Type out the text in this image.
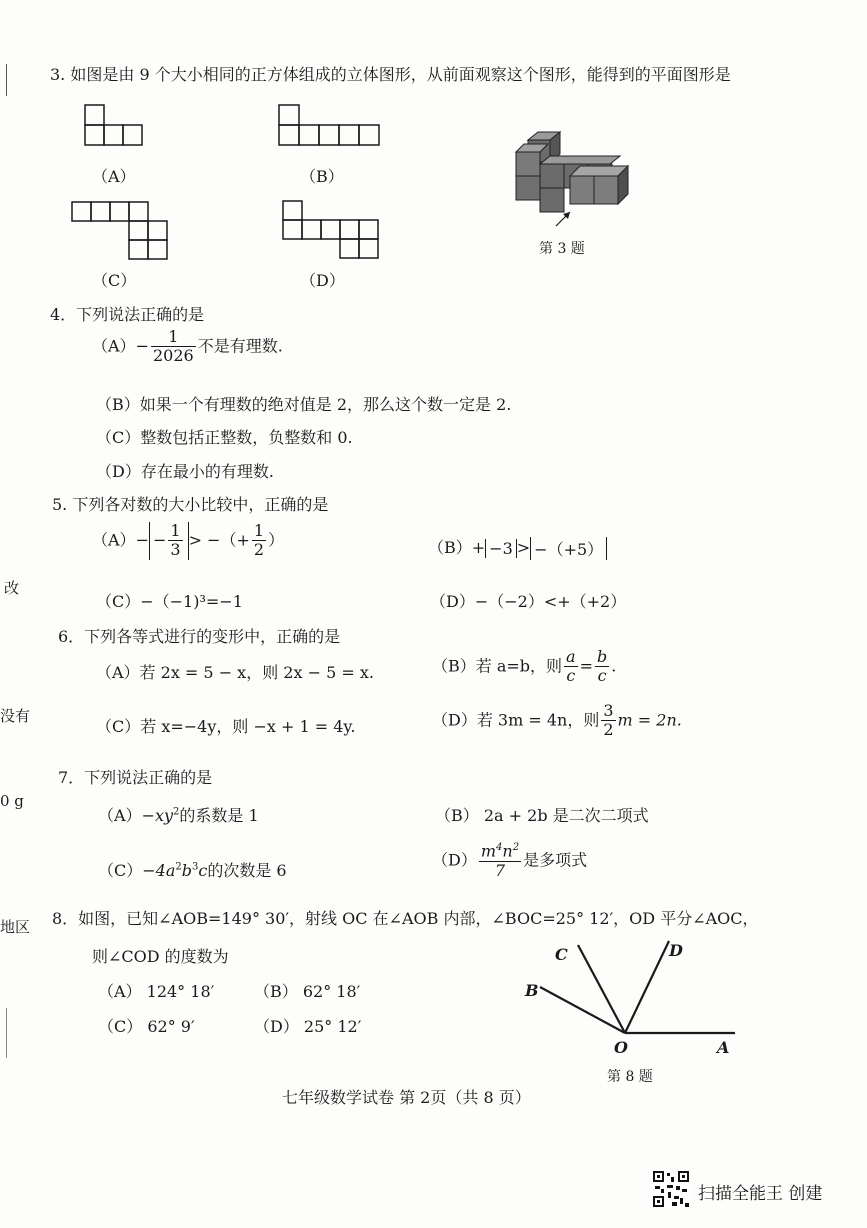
改
没有
0 g
地区
3. 如图是由 9 个大小相同的正方体组成的立体图形，从前面观察这个图形，能得到的平面图形是
（A）	（B）
（C）	（D）
第 3 题
4．下列说法正确的是
$(A)- \frac{1}{2026}$ 不是有理数.
（B）如果一个有理数的绝对值是 2，那么这个数一定是 2.
（C）整数包括正整数，负整数和 0.
（D）存在最小的有理数.
5. 下列各对数的大小比较中，正确的是
$(A)- - \frac{1}{3}$ > −（+ $\frac{1}{2}$ ）	（B）+ −3 > −（+5）
（C）−（−1)³=−1	（D）−（−2）<+（+2）
6．下列各等式进行的变形中，正确的是
（A）若 2x = 5 − x，则 2x − 5 = x.	（B）若 a=b，则 $\frac{a}{c} = \frac{b}{c}$ .
（C）若 x=−4y，则 −x + 1 = 4y.	（D）若 3m = 4n，则 $\frac{3}{2}$ m = 2n.
7．下列说法正确的是
$(A)-xy^2$的系数是 1	（B） 2a + 2b 是二次二项式
$(C)-4a^2b^3c$的次数是 6
$(D) \frac{m^4n^2}{7}$ 是多项式
8．如图，已知∠AOB=149° 30′，射线 OC 在∠AOB 内部，∠BOC=25° 12′，OD 平分∠AOC，
则∠COD 的度数为
（A） 124° 18′ （B） 62° 18′
（C） 62° 9′	（D） 25° 12′
C	D
B
O	A
第 8 题
七年级数学试卷 第 2页（共 8 页）
扫描全能王 创建
